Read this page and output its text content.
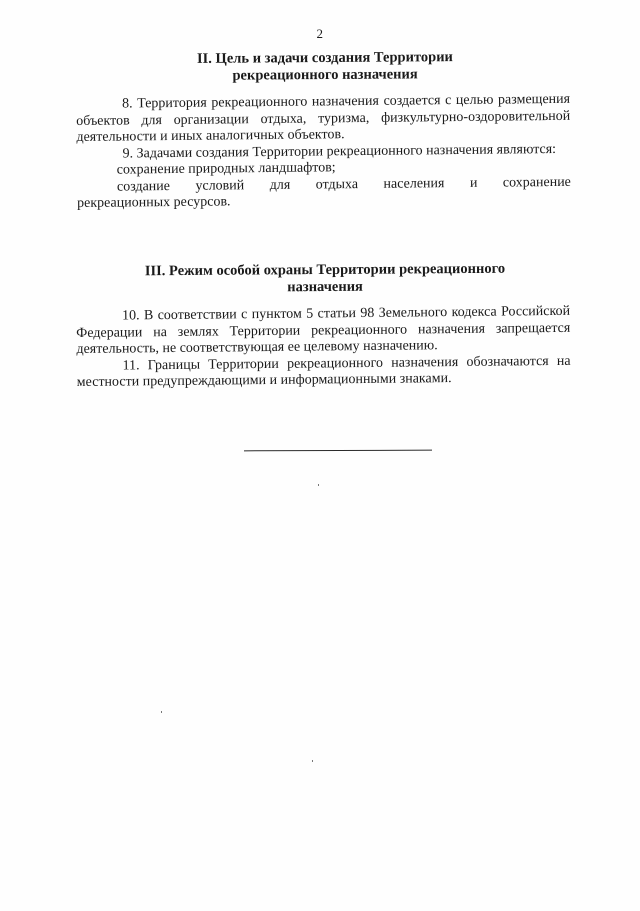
2
II. Цель и задачи создания Территории
рекреационного назначения

8. Территория рекреационного назначения создается с целью размещения объектов для организации отдыха, туризма, физкультурно-оздоровительной деятельности и иных аналогичных объектов.

9. Задачами создания Территории рекреационного назначения являются:

сохранение природных ландшафтов;

создание условий для отдыха населения и сохранение

рекреационных ресурсов.

III. Режим особой охраны Территории рекреационного
назначения

10. В соответствии с пунктом 5 статьи 98 Земельного кодекса Российской Федерации на землях Территории рекреационного назначения запрещается деятельность, не соответствующая ее целевому назначению.

11. Границы Территории рекреационного назначения обозначаются на местности предупреждающими и информационными знаками.
